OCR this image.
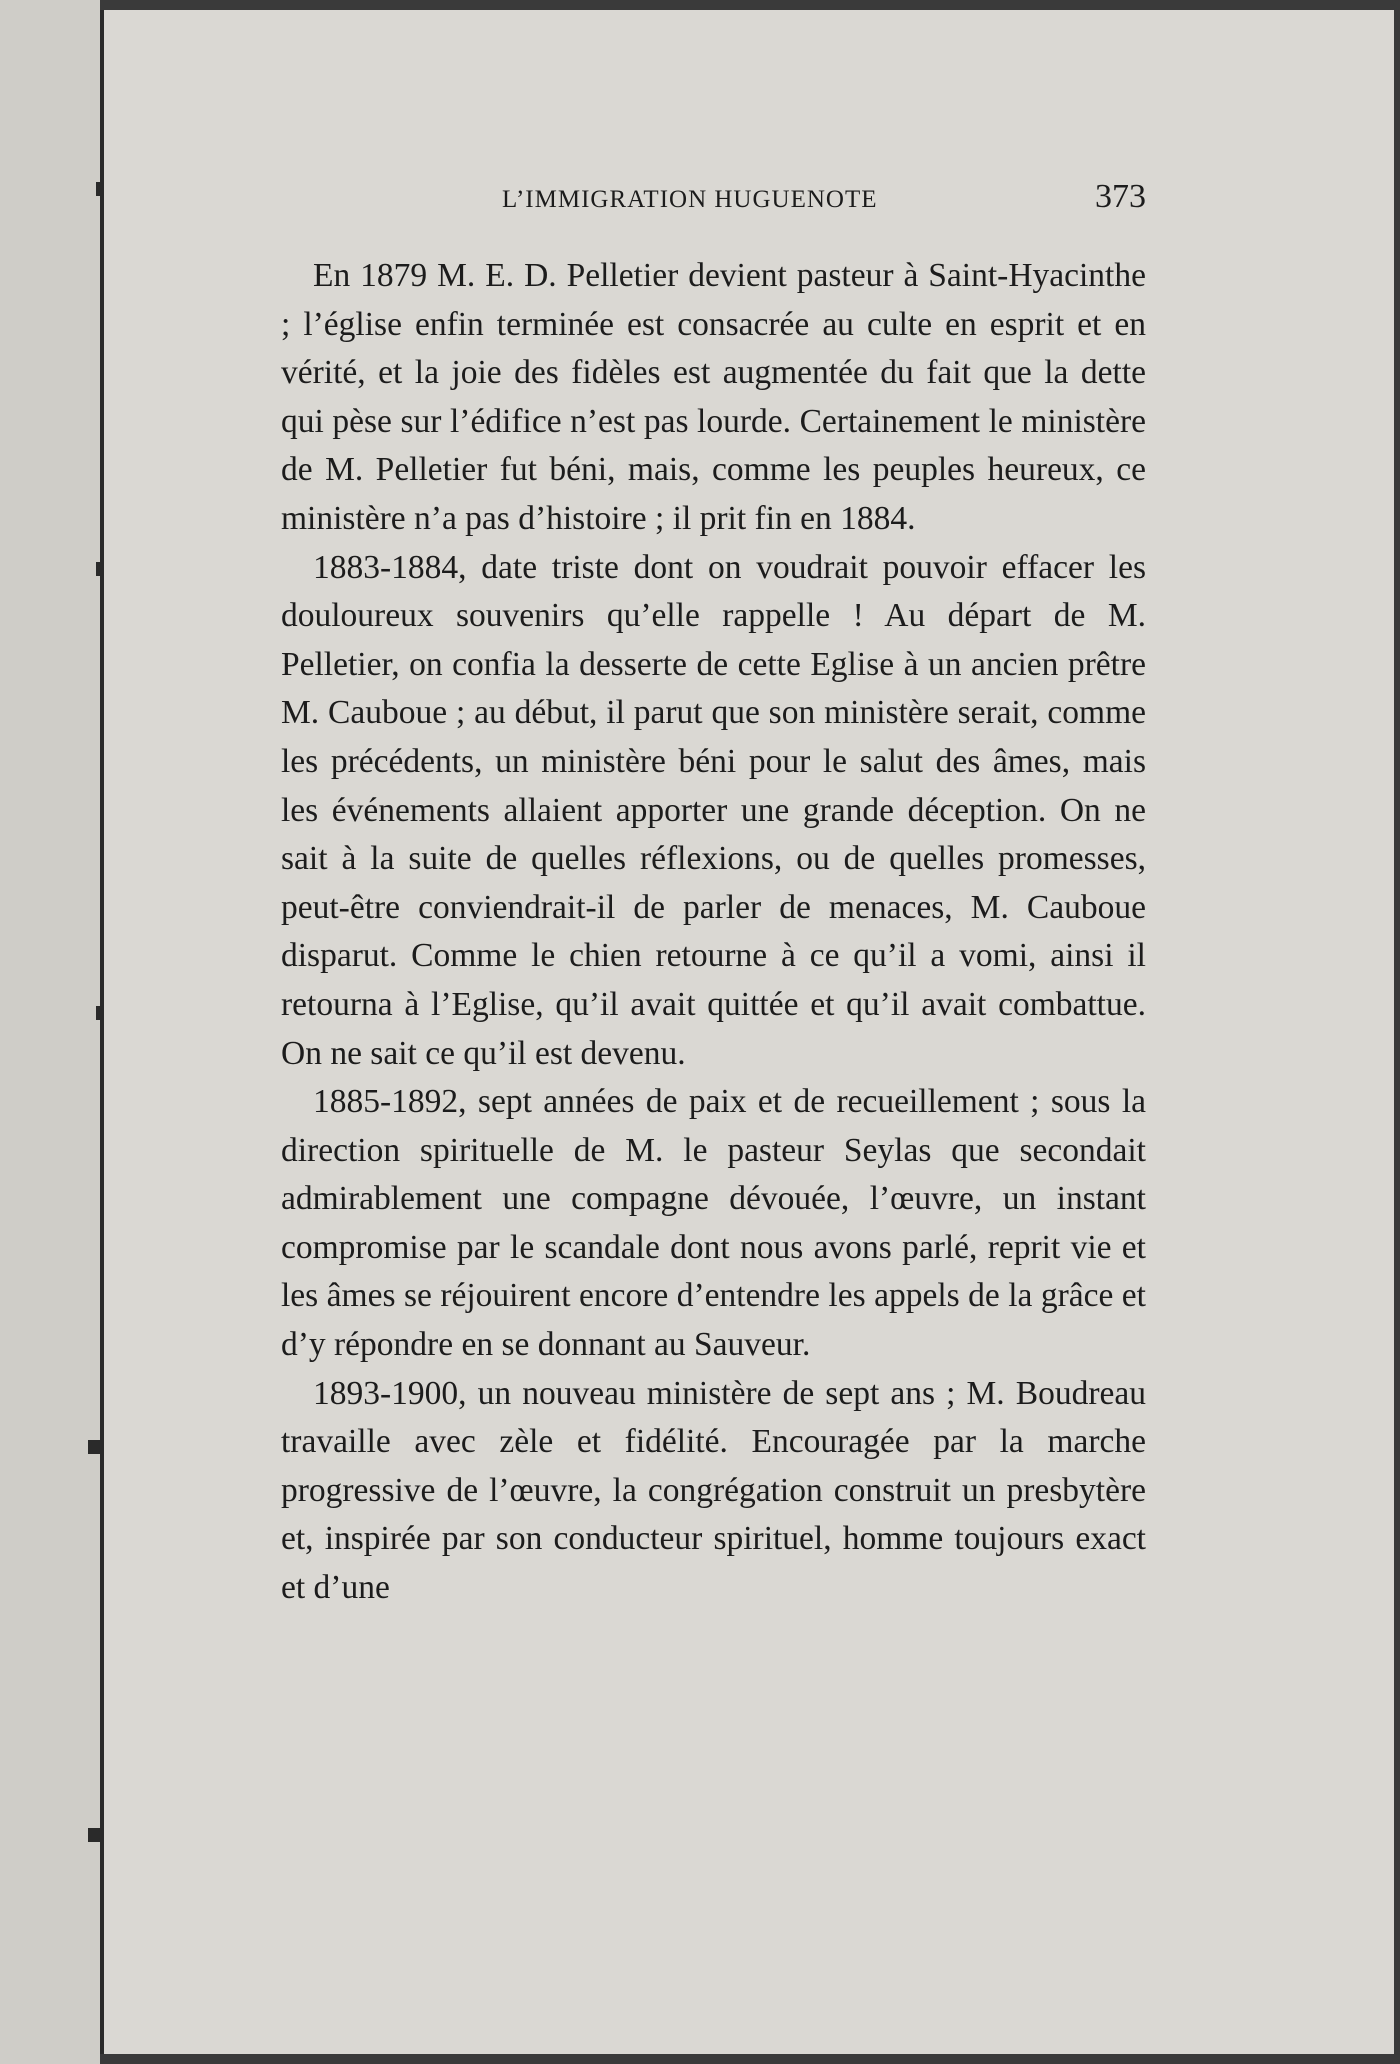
L’IMMIGRATION HUGUENOTE	373

En 1879 M. E. D. Pelletier devient pasteur à Saint-Hyacinthe ; l’église enfin terminée est consacrée au culte en esprit et en vérité, et la joie des fidèles est augmentée du fait que la dette qui pèse sur l’édifice n’est pas lourde. Certainement le ministère de M. Pelletier fut béni, mais, comme les peuples heureux, ce ministère n’a pas d’histoire ; il prit fin en 1884.

1883-1884, date triste dont on voudrait pouvoir effacer les douloureux souvenirs qu’elle rappelle ! Au départ de M. Pelletier, on confia la desserte de cette Eglise à un ancien prêtre M. Cauboue ; au début, il parut que son ministère serait, comme les précédents, un ministère béni pour le salut des âmes, mais les événements allaient apporter une grande déception. On ne sait à la suite de quelles réflexions, ou de quelles promesses, peut-être conviendrait-il de parler de menaces, M. Cauboue disparut. Comme le chien retourne à ce qu’il a vomi, ainsi il retourna à l’Eglise, qu’il avait quittée et qu’il avait combattue. On ne sait ce qu’il est devenu.

1885-1892, sept années de paix et de recueillement ; sous la direction spirituelle de M. le pasteur Seylas que secondait admirablement une compagne dévouée, l’œuvre, un instant compromise par le scandale dont nous avons parlé, reprit vie et les âmes se réjouirent encore d’entendre les appels de la grâce et d’y répondre en se donnant au Sauveur.

1893-1900, un nouveau ministère de sept ans ; M. Boudreau travaille avec zèle et fidélité. Encouragée par la marche progressive de l’œuvre, la congrégation construit un presbytère et, inspirée par son conducteur spirituel, homme toujours exact et d’une
